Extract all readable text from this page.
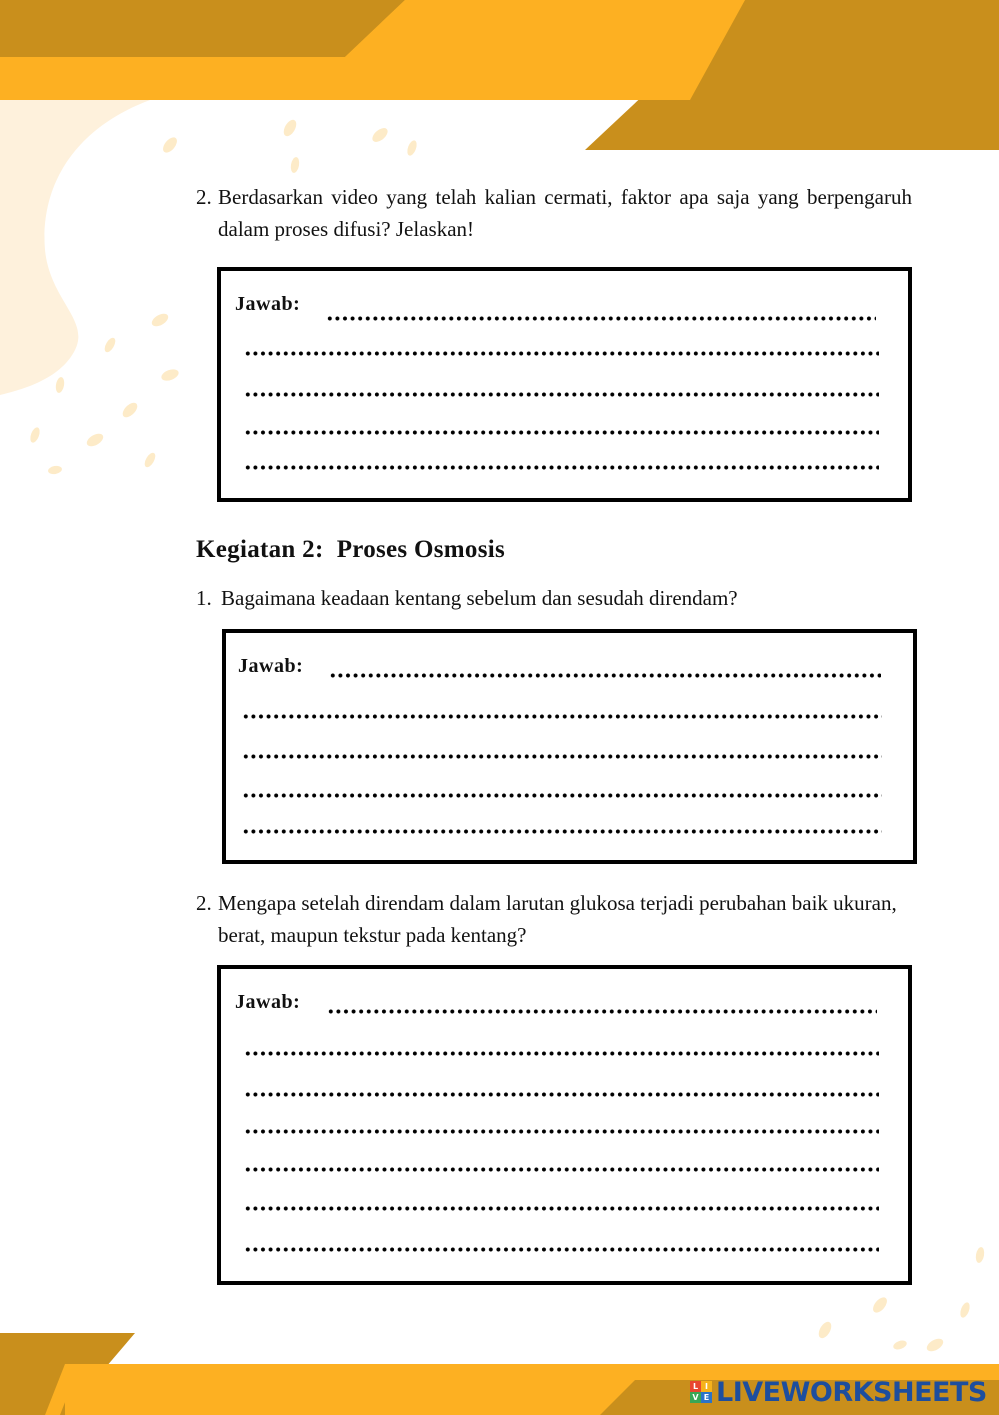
2. Berdasarkan video yang telah kalian cermati, faktor apa saja yang berpengaruh dalam proses difusi? Jelaskan!
Jawab:
Kegiatan 2:  Proses Osmosis
1. Bagaimana keadaan kentang sebelum dan sesudah direndam?
Jawab:
2. Mengapa setelah direndam dalam larutan glukosa terjadi perubahan baik ukuran, berat, maupun tekstur pada kentang?
Jawab:
L I
V E LIVEWORKSHEETS
